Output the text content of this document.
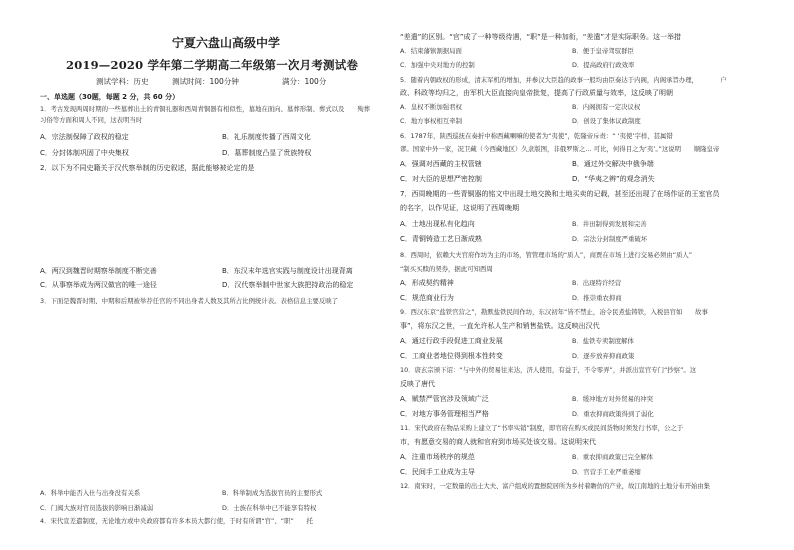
宁夏六盘山高级中学
2019—2020 学年第二学期高二年级第一次月考测试卷
测试学科：历史	测试时间：100分钟	满分：100分
一、单选题（30题，每题 2 分，共 60 分）
1．考古发现两周时期的一些墓葬出土的青铜礼器和西周青铜器有相似性，墓地在面向、墓葬形制、葬式以及　　殉葬
习俗等方面和周人不同，这表明当时
A．宗法制保障了政权的稳定	B．礼乐制度传播了西周文化
C．分封体制巩固了中央集权	D．墓葬制度凸显了贵族特权
2．以下为不同史籍关于汉代察举制的历史叙述，据此能够被论定的是
A．两汉到魏晋时期察举制度不断完善	B．东汉末年选官实践与制度设计出现背离
C．从事察举成为两汉做官的唯一途径	D．汉代察举制中世家大族把持政治的稳定
3．下面是魏晋时期、中期和后期被举荐任官的不同出身者人数及其所占比例统计表。表格信息主要反映了
A．科举中能否入仕与出身没有关系	B．科举制成为选拔官员的主要形式
C．门阀大族对官员选拔的影响日渐减弱	D．士族在科举中已不能享有特权
4．宋代宣差遣制度，无论地方或中央政府都有许多本员大都行使，于时有所谓“官”、“职”　　托
“差遣”的区别。“官”成了一种等级待遇，“职”是一种加衔，“差遣”才是实际职务。这一举措
A．结束藩镇割据局面	B．便于皇帝驾驭群臣
C．加强中央对地方的控制	D．提高政府行政效率
5．随着内朝政权的形成，清末军机的增加，并参汉大臣趋的政事一般均由臣奏达于内阁，内阁承旨办理，　　　　户
政、科政等均归之，由军机大臣直接向皇帝批复，提高了行政质量与效率，这反映了明朝
A．皇权不断加强君权	B．内阁拥有一定决议权
C．地方事权相互牵制	D．创设了集体议政制度
6．1787年，陕西巡抚在奏折中称西藏喇嘛的使者为“夷使”，乾隆帝斥责：“ ‘夷使’字样，甚属错
谬。国家中外一家，况卫藏（今西藏地区）久隶版图，非俄罗斯之… 可比，何得目之为‘夷’。”这说明　　顺隆皇帝
A．强调对西藏的主权管辖	B．通过外交解决中俄争端
C．对大臣的思想严密控制	D．“华夷之辨”的观念消失
7．西周晚期的一些青铜器的铭文中出现土地交换和土地买卖的记载，甚至还出现了在场作证的王室官员
的名字，以作见证，这说明了西周晚期
A．土地出现私有化趋向	B．井田制得到发展和完善
C．青铜铸造工艺日渐成熟	D．宗法分封制度严重破坏
8．西周时，依赖大夫官府作坊为主的市场，管管理市场的“质人”，商贾在市场上进行交易必须由“质人”
“制买买赎的契券，据此可知西周
A．形成契约精神	B．出现特许经营
C．规范商业行为	D．推崇重农抑商
9．西汉东京“盐铁官营之”，勘默盐铁民间作坊，东汉初年“皆不禁止，冶令民煮盐铸铁，入税县官如　　故事
事”，将东汉之世，一直允许私人生产和销售盐铁。这反映出汉代
A．通过行政手段促进工商业发展	B．盐铁专卖制度解体
C．工商业者地位得到根本性转变	D．逐步放弃抑商政策
10．唐玄宗颁下诏：“与中外的贸易往来达，济人使用，有益于，不令零弄”，并派出宣官专门“抄察”。这
反映了唐代
A．赋禁严管宫涉及领域广泛	B．缓冲地方对外贸易的冲突
C．对地方事务管理相当严格	D．重农抑商政策得到了弱化
11．宋代政府在物品采购上建立了“书率实销”制度，即官府在购买或民间货物时须发行书率，公之于
市，有愿意交易的商人就和官府到市场买处该交易。这说明宋代
A．注重市场秩序的规范	B．重农抑商政策已完全解体
C．民间手工业成为主导	D．官营手工业严重萎缩
12．南宋时，一定数量的出士大夫、富户组成的置擦院居所为乡村着瞻仿的产业，故江南地的土地分布开始由集
